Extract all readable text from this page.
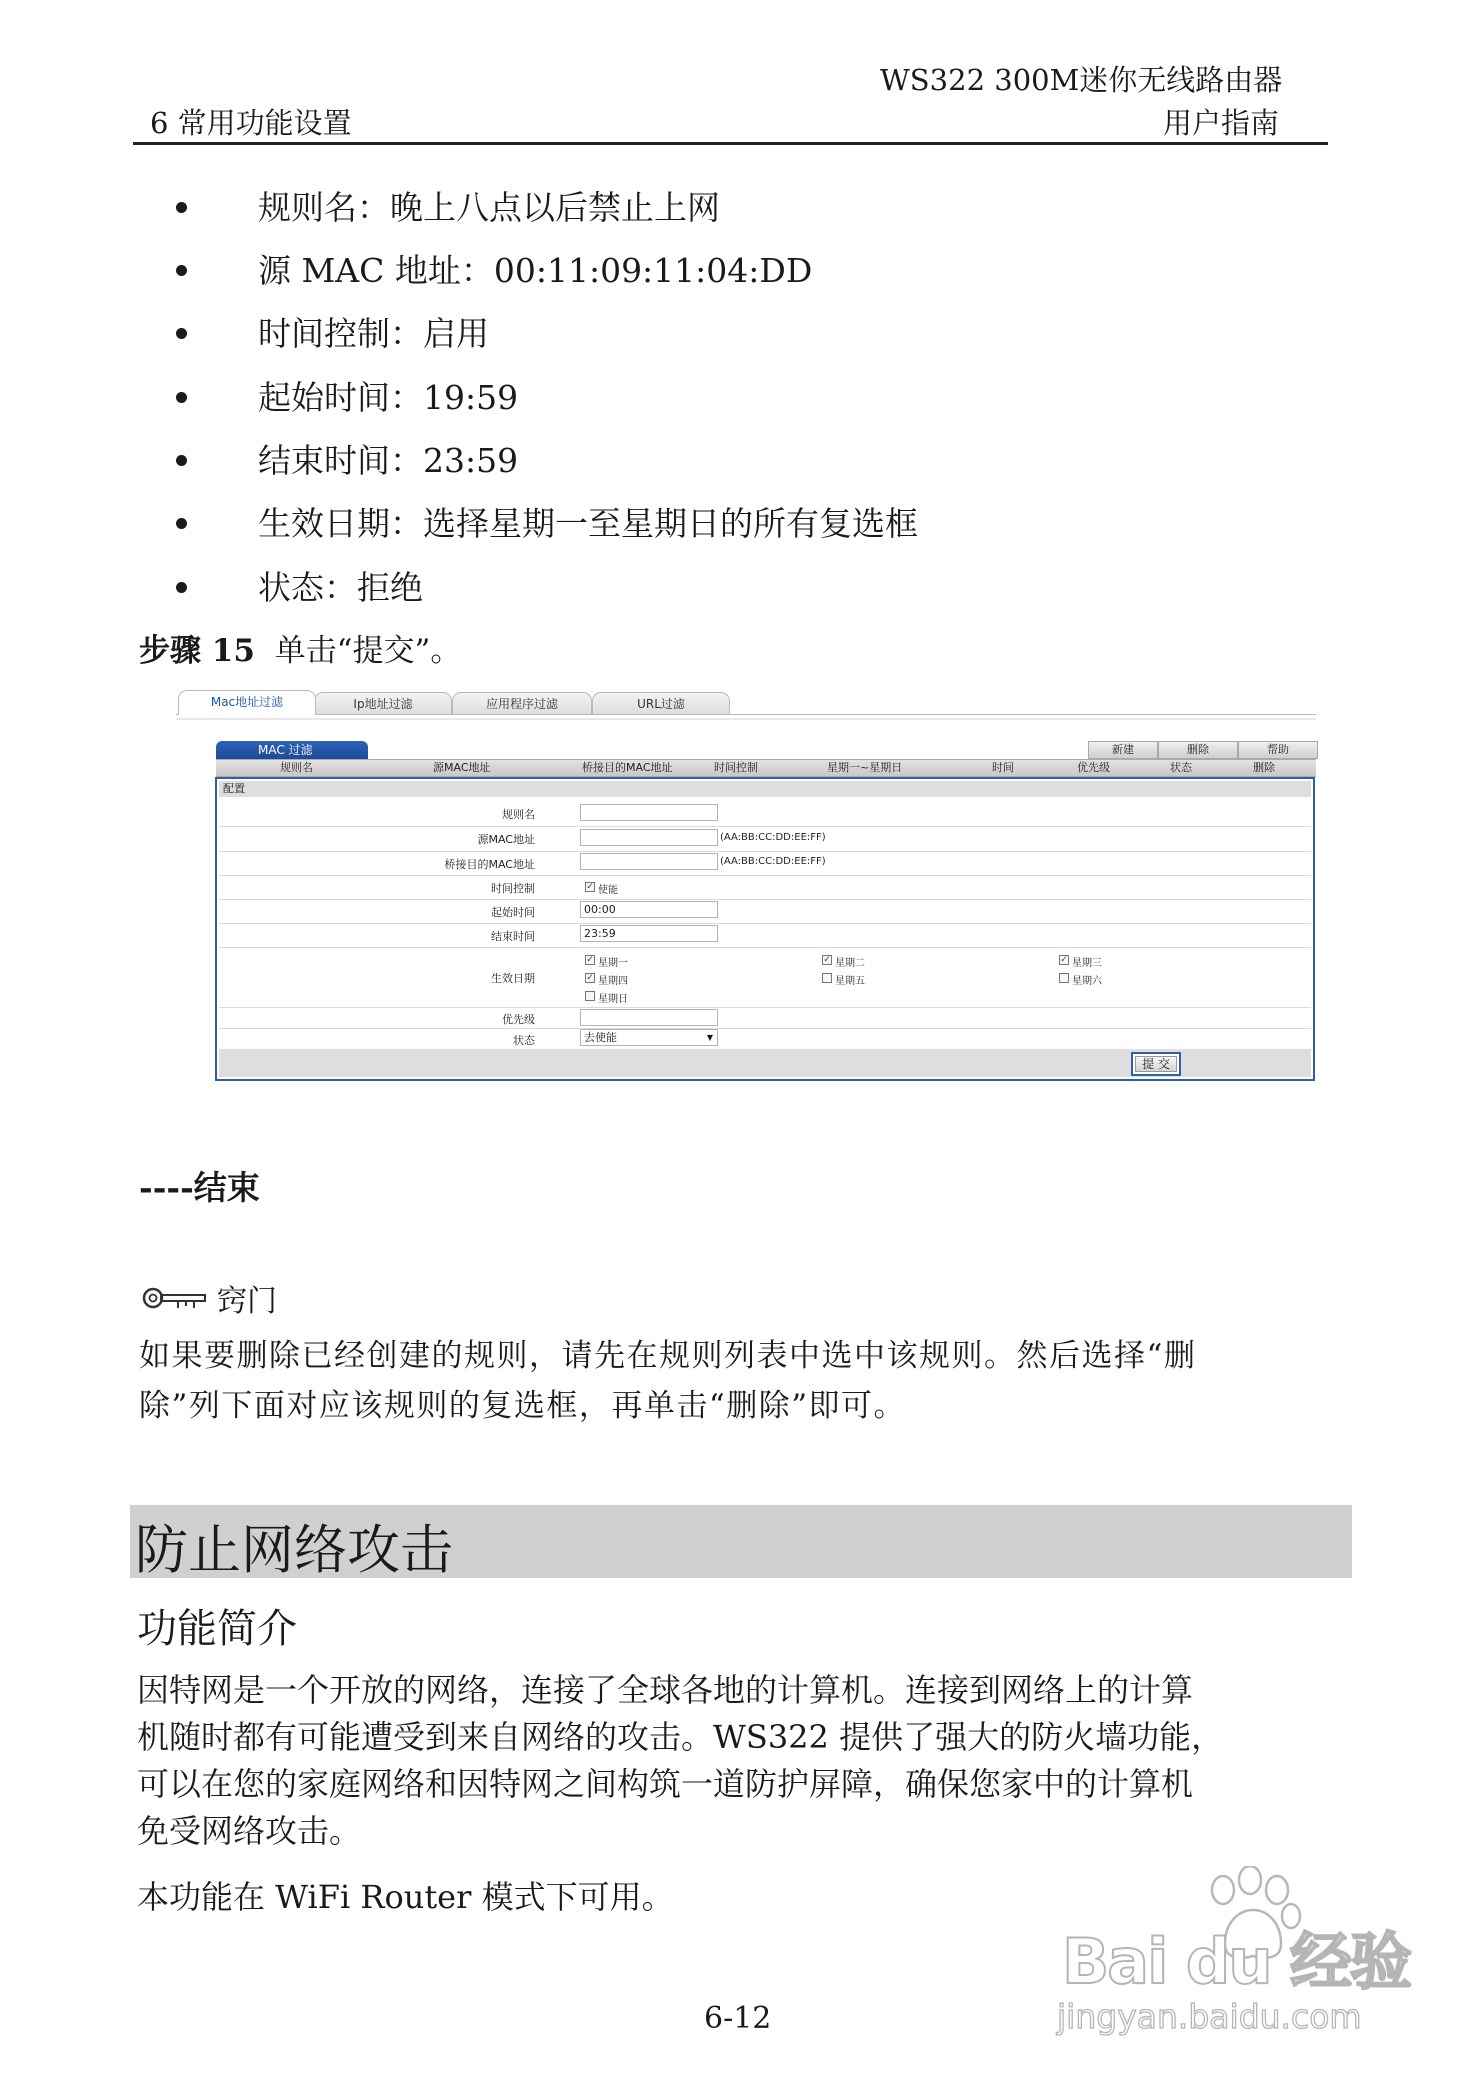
WS322 300M迷你无线路由器
6 常用功能设置	用户指南
规则名：晚上八点以后禁止上网
源 MAC 地址：00:11:09:11:04:DD
时间控制：启用
起始时间：19:59
结束时间：23:59
生效日期：选择星期一至星期日的所有复选框
状态：拒绝
步骤 15 单击“提交”。
Mac地址过滤	Ip地址过滤	应用程序过滤	URL过滤
MAC 过滤	新建	删除	帮助
规则名	源MAC地址	桥接目的MAC地址	时间控制	星期一~星期日	时间	优先级	状态	删除
配置
规则名
源MAC地址	(AA:BB:CC:DD:EE:FF)
桥接目的MAC地址	(AA:BB:CC:DD:EE:FF)
时间控制	✓ 使能
起始时间	00:00
结束时间	23:59
生效日期
✓ 星期一	✓ 星期二	✓ 星期三
✓ 星期四	星期五	星期六
星期日
优先级
状态	去使能	▼
提 交
----结束
窍门
如果要删除已经创建的规则，请先在规则列表中选中该规则。然后选择“删
除”列下面对应该规则的复选框，再单击“删除”即可。
防止网络攻击
功能简介
因特网是一个开放的网络，连接了全球各地的计算机。连接到网络上的计算
机随时都有可能遭受到来自网络的攻击。WS322 提供了强大的防火墙功能，
可以在您的家庭网络和因特网之间构筑一道防护屏障，确保您家中的计算机
免受网络攻击。
本功能在 WiFi Router 模式下可用。
6-12
Bai du 经验
jingyan.baidu.com
